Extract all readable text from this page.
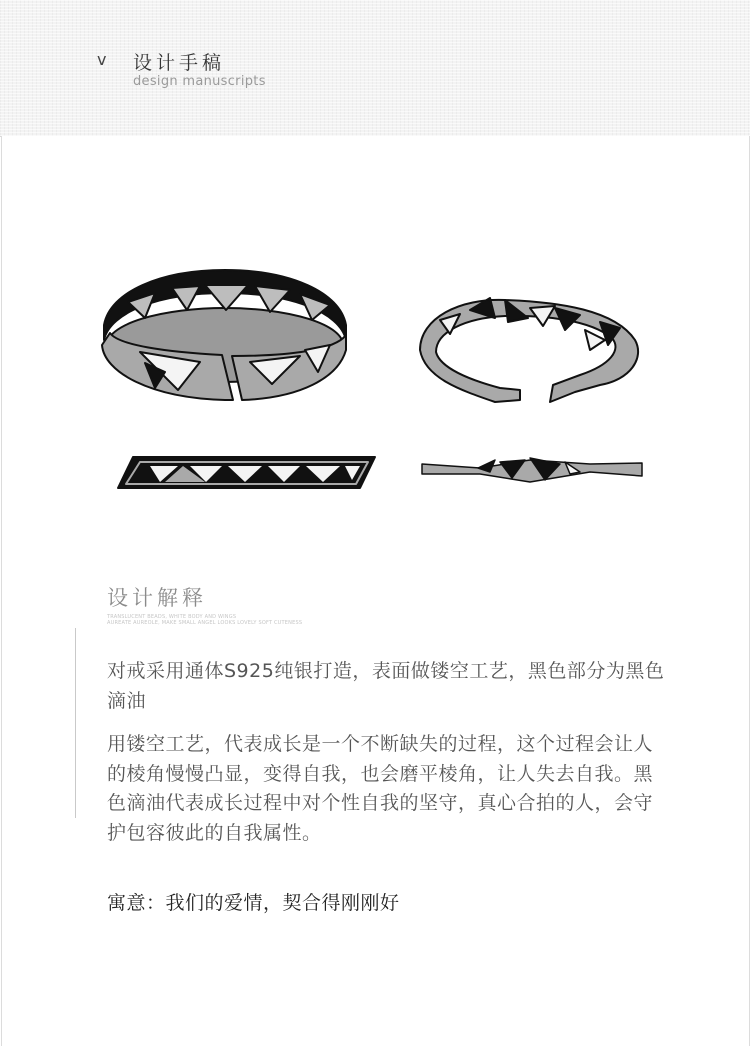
v 设计手稿
design manuscripts
设计解释
TRANSLUCENT BEADS, WHITE BODY AND WINGS
AUREATE AUREOLE, MAKE SMALL ANGEL LOOKS LOVELY SOFT CUTENESS
对戒采用通体S925纯银打造，表面做镂空工艺，黑色部分为黑色滴油
用镂空工艺，代表成长是一个不断缺失的过程，这个过程会让人的棱角慢慢凸显，变得自我，也会磨平棱角，让人失去自我。黑色滴油代表成长过程中对个性自我的坚守，真心合拍的人，会守护包容彼此的自我属性。
寓意：我们的爱情，契合得刚刚好
